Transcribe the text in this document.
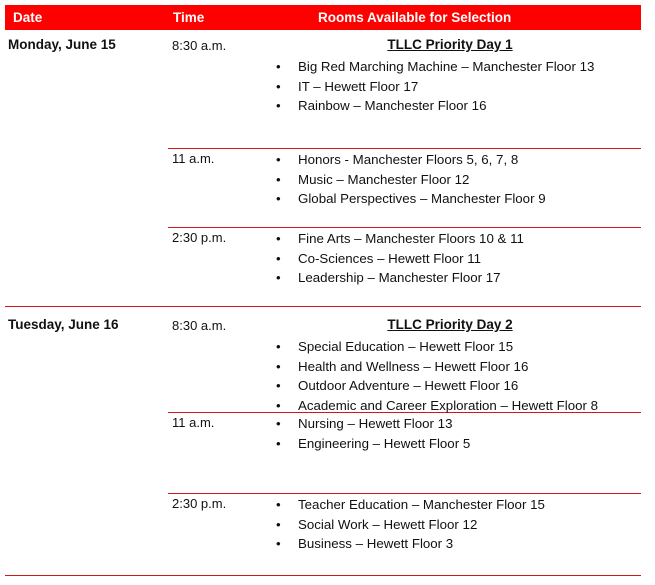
Date	Time	Rooms Available for Selection
Monday, June 15	8:30 a.m.	TLLC Priority Day 1
• Big Red Marching Machine – Manchester Floor 13
• IT – Hewett Floor 17
• Rainbow – Manchester Floor 16
11 a.m.	• Honors - Manchester Floors 5, 6, 7, 8
• Music – Manchester Floor 12
• Global Perspectives – Manchester Floor 9
2:30 p.m.	• Fine Arts – Manchester Floors 10 & 11
• Co-Sciences – Hewett Floor 11
• Leadership – Manchester Floor 17
Tuesday, June 16	8:30 a.m.	TLLC Priority Day 2
• Special Education – Hewett Floor 15
• Health and Wellness – Hewett Floor 16
• Outdoor Adventure – Hewett Floor 16
• Academic and Career Exploration – Hewett Floor 8
11 a.m.	• Nursing – Hewett Floor 13
• Engineering – Hewett Floor 5
2:30 p.m.	• Teacher Education – Manchester Floor 15
• Social Work – Hewett Floor 12
• Business – Hewett Floor 3
